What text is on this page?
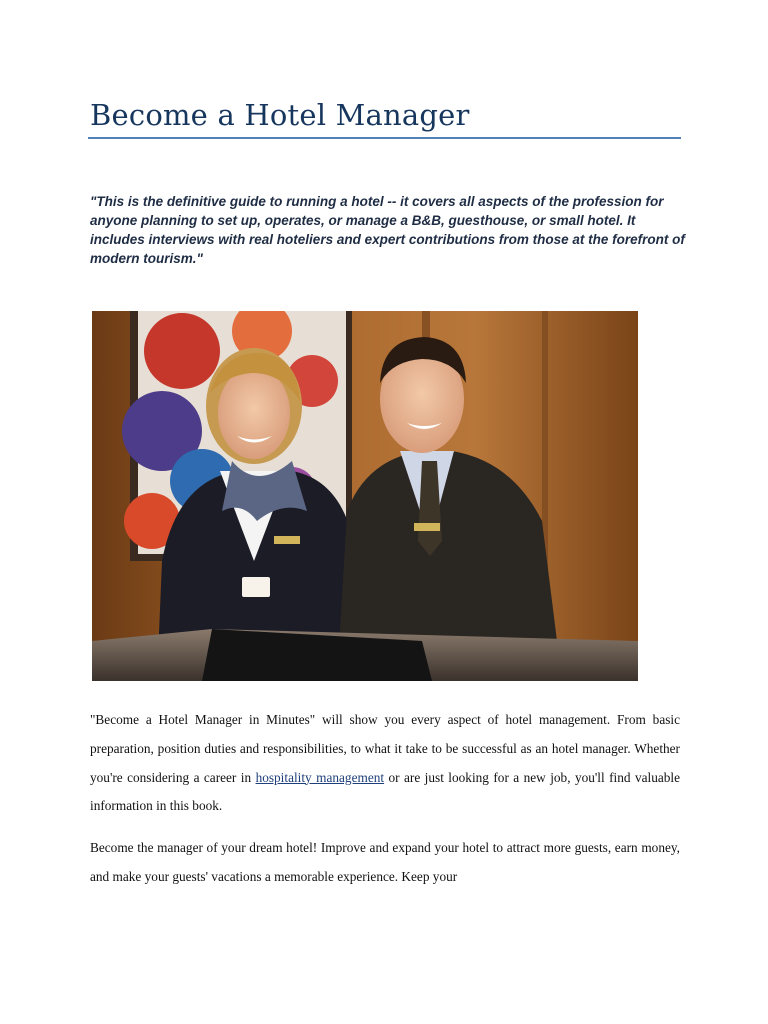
Become a Hotel Manager

"This is the definitive guide to running a hotel -- it covers all aspects of the profession for anyone planning to set up, operates, or manage a B&B, guesthouse, or small hotel. It includes interviews with real hoteliers and expert contributions from those at the forefront of modern tourism."

"Become a Hotel Manager in Minutes" will show you every aspect of hotel management. From basic preparation, position duties and responsibilities, to what it take to be successful as an hotel manager. Whether you're considering a career in hospitality management or are just looking for a new job, you'll find valuable information in this book.

Become the manager of your dream hotel! Improve and expand your hotel to attract more guests, earn money, and make your guests' vacations a memorable experience. Keep your
